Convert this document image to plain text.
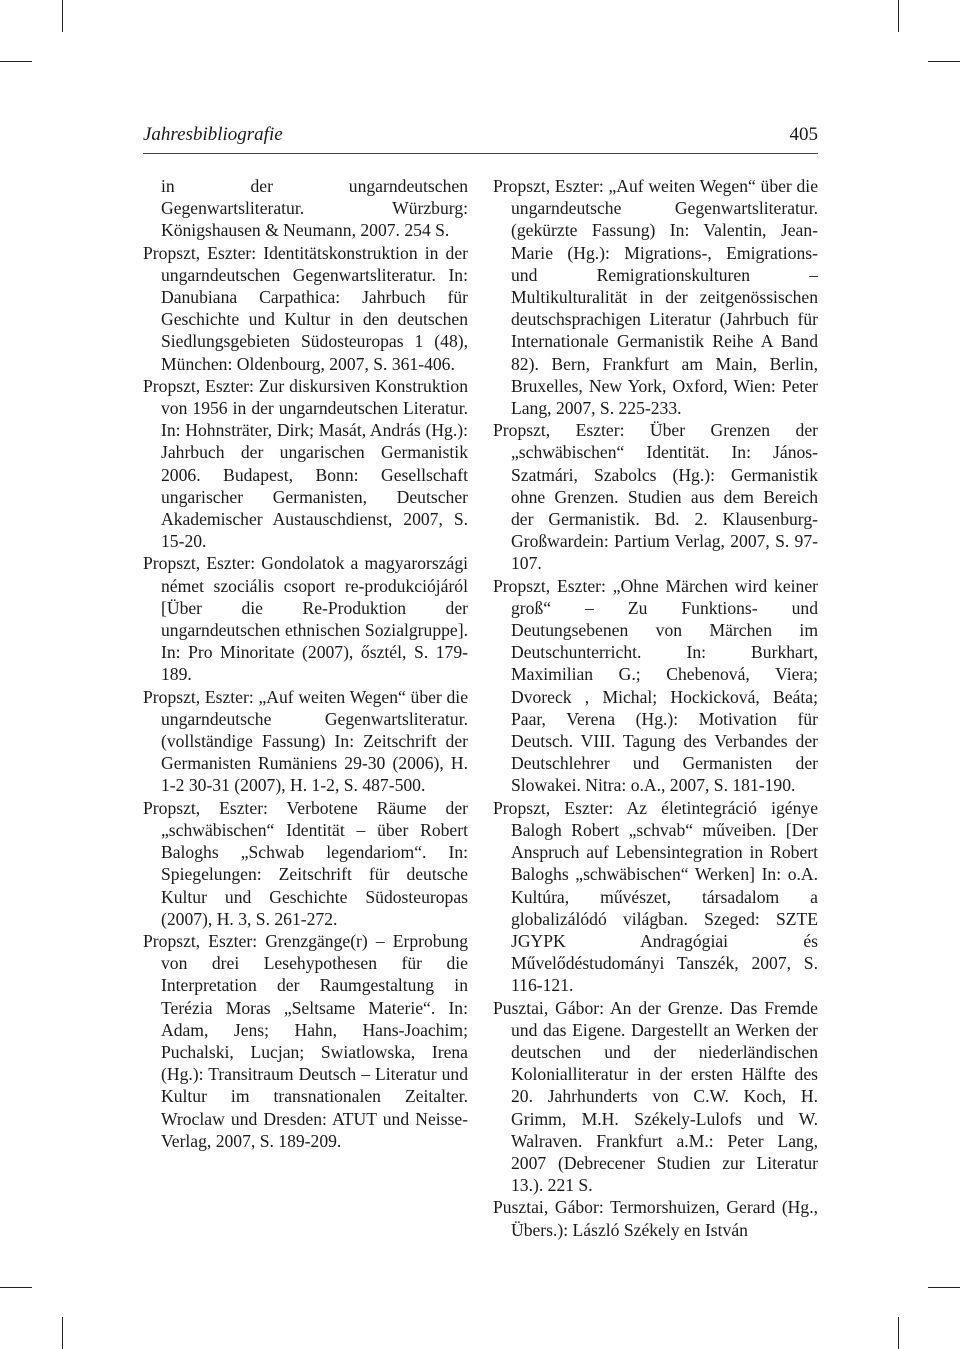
Jahresbibliografie	405

in der ungarndeutschen Gegenwartsliteratur. Würzburg: Königshausen & Neumann, 2007. 254 S.

Propszt, Eszter: Identitätskonstruktion in der ungarndeutschen Gegenwartsliteratur. In: Danubiana Carpathica: Jahrbuch für Geschichte und Kultur in den deutschen Siedlungsgebieten Südosteuropas 1 (48), München: Oldenbourg, 2007, S. 361-406.

Propszt, Eszter: Zur diskursiven Konstruktion von 1956 in der ungarndeutschen Literatur. In: Hohnsträter, Dirk; Masát, András (Hg.): Jahrbuch der ungarischen Germanistik 2006. Budapest, Bonn: Gesellschaft ungarischer Germanisten, Deutscher Akademischer Austauschdienst, 2007, S. 15-20.

Propszt, Eszter: Gondolatok a magyarországi német szociális csoport re-produkciójáról [Über die Re-Produktion der ungarndeutschen ethnischen Sozialgruppe]. In: Pro Minoritate (2007), ősztél, S. 179-189.

Propszt, Eszter: „Auf weiten Wegen“ über die ungarndeutsche Gegenwartsliteratur. (vollständige Fassung) In: Zeitschrift der Germanisten Rumäniens 29-30 (2006), H. 1-2 30-31 (2007), H. 1-2, S. 487-500.

Propszt, Eszter: Verbotene Räume der „schwäbischen“ Identität – über Robert Baloghs „Schwab legendariom“. In: Spiegelungen: Zeitschrift für deutsche Kultur und Geschichte Südosteuropas (2007), H. 3, S. 261-272.

Propszt, Eszter: Grenzgänge(r) – Erprobung von drei Lesehypothesen für die Interpretation der Raumgestaltung in Terézia Moras „Seltsame Materie“. In: Adam, Jens; Hahn, Hans-Joachim; Puchalski, Lucjan; Swiatlowska, Irena (Hg.): Transitraum Deutsch – Literatur und Kultur im transnationalen Zeitalter. Wroclaw und Dresden: ATUT und Neisse-Verlag, 2007, S. 189-209.

Propszt, Eszter: „Auf weiten Wegen“ über die ungarndeutsche Gegenwartsliteratur. (gekürzte Fassung) In: Valentin, Jean-Marie (Hg.): Migrations-, Emigrations- und Remigrationskulturen – Multikulturalität in der zeitgenössischen deutschsprachigen Literatur (Jahrbuch für Internationale Germanistik Reihe A Band 82). Bern, Frankfurt am Main, Berlin, Bruxelles, New York, Oxford, Wien: Peter Lang, 2007, S. 225-233.

Propszt, Eszter: Über Grenzen der „schwäbischen“ Identität. In: János-Szatmári, Szabolcs (Hg.): Germanistik ohne Grenzen. Studien aus dem Bereich der Germanistik. Bd. 2. Klausenburg-Großwardein: Partium Verlag, 2007, S. 97-107.

Propszt, Eszter: „Ohne Märchen wird keiner groß“ – Zu Funktions- und Deutungsebenen von Märchen im Deutschunterricht. In: Burkhart, Maximilian G.; Chebenová, Viera; Dvoreck , Michal; Hockicková, Beáta; Paar, Verena (Hg.): Motivation für Deutsch. VIII. Tagung des Verbandes der Deutschlehrer und Germanisten der Slowakei. Nitra: o.A., 2007, S. 181-190.

Propszt, Eszter: Az életintegráció igénye Balogh Robert „schvab“ műveiben. [Der Anspruch auf Lebensintegration in Robert Baloghs „schwäbischen“ Werken] In: o.A. Kultúra, művészet, társadalom a globalizálódó világban. Szeged: SZTE JGYPK Andragógiai és Művelődéstudományi Tanszék, 2007, S. 116-121.

Pusztai, Gábor: An der Grenze. Das Fremde und das Eigene. Dargestellt an Werken der deutschen und der niederländischen Kolonialliteratur in der ersten Hälfte des 20. Jahrhunderts von C.W. Koch, H. Grimm, M.H. Székely-Lulofs und W. Walraven. Frankfurt a.M.: Peter Lang, 2007 (Debrecener Studien zur Literatur 13.). 221 S.

Pusztai, Gábor: Termorshuizen, Gerard (Hg., Übers.): László Székely en István
